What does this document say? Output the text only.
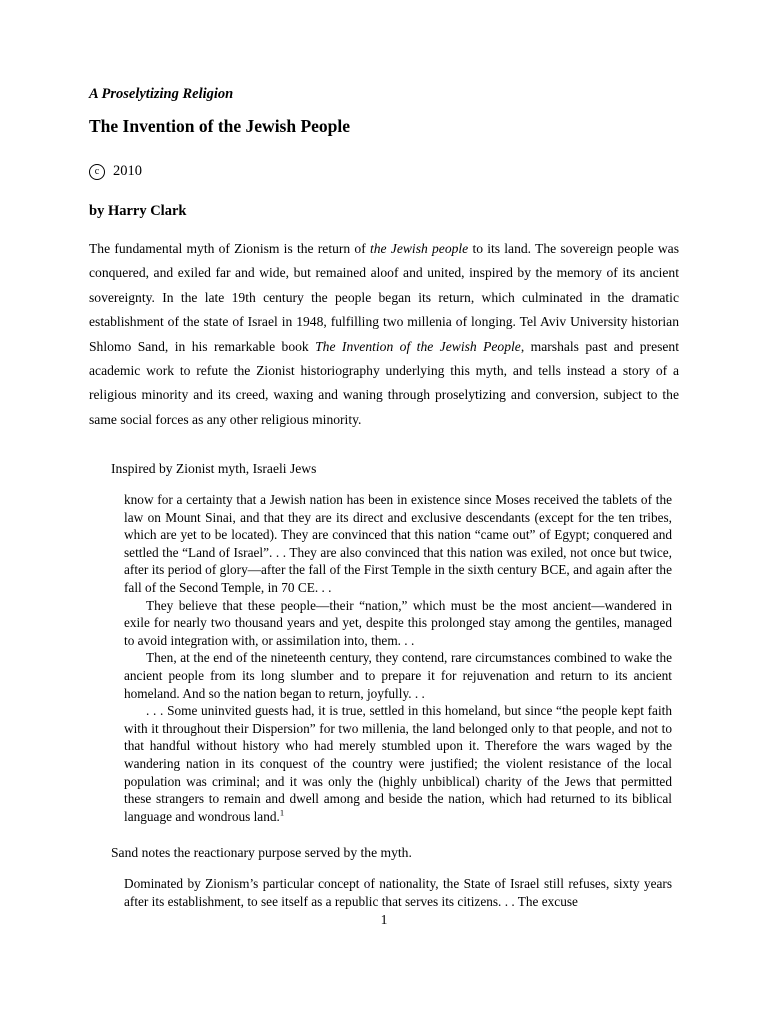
A Proselytizing Religion

The Invention of the Jewish People

c 2010

by Harry Clark

The fundamental myth of Zionism is the return of the Jewish people to its land. The sovereign people was conquered, and exiled far and wide, but remained aloof and united, inspired by the memory of its ancient sovereignty. In the late 19th century the people began its return, which culminated in the dramatic establishment of the state of Israel in 1948, fulfilling two millenia of longing. Tel Aviv University historian Shlomo Sand, in his remarkable book The Invention of the Jewish People, marshals past and present academic work to refute the Zionist historiography underlying this myth, and tells instead a story of a religious minority and its creed, waxing and waning through proselytizing and conversion, subject to the same social forces as any other religious minority.

Inspired by Zionist myth, Israeli Jews

know for a certainty that a Jewish nation has been in existence since Moses received the tablets of the law on Mount Sinai, and that they are its direct and exclusive descendants (except for the ten tribes, which are yet to be located). They are convinced that this nation “came out” of Egypt; conquered and settled the “Land of Israel”. . . They are also convinced that this nation was exiled, not once but twice, after its period of glory—after the fall of the First Temple in the sixth century BCE, and again after the fall of the Second Temple, in 70 CE. . .

They believe that these people—their “nation,” which must be the most ancient—wandered in exile for nearly two thousand years and yet, despite this prolonged stay among the gentiles, managed to avoid integration with, or assimilation into, them. . .

Then, at the end of the nineteenth century, they contend, rare circumstances combined to wake the ancient people from its long slumber and to prepare it for rejuvenation and return to its ancient homeland. And so the nation began to return, joyfully. . .

. . . Some uninvited guests had, it is true, settled in this homeland, but since “the people kept faith with it throughout their Dispersion” for two millenia, the land belonged only to that people, and not to that handful without history who had merely stumbled upon it. Therefore the wars waged by the wandering nation in its conquest of the country were justified; the violent resistance of the local population was criminal; and it was only the (highly unbiblical) charity of the Jews that permitted these strangers to remain and dwell among and beside the nation, which had returned to its biblical language and wondrous land.$^1$

Sand notes the reactionary purpose served by the myth.

Dominated by Zionism’s particular concept of nationality, the State of Israel still refuses, sixty years after its establishment, to see itself as a republic that serves its citizens. . . The excuse

1
